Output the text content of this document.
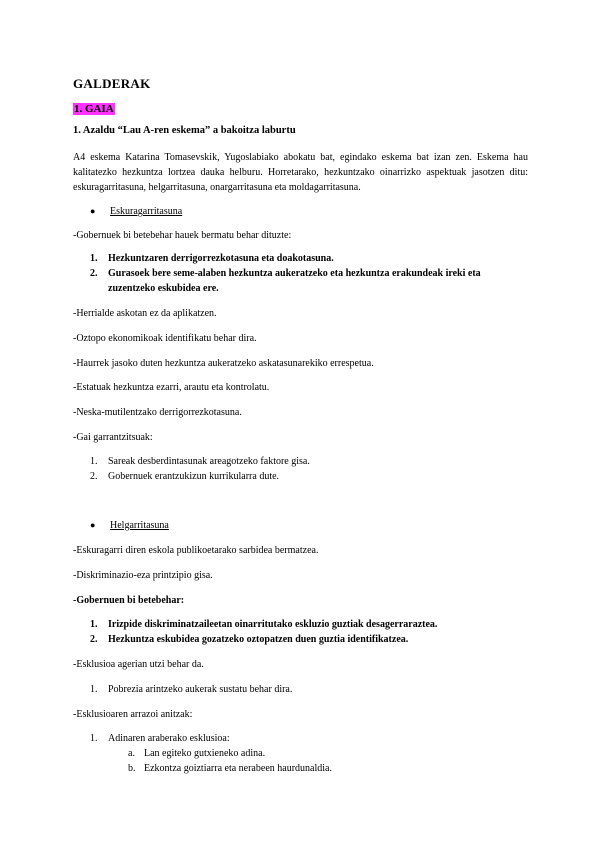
GALDERAK
1. GAIA
1. Azaldu “Lau A-ren eskema” a bakoitza laburtu
A4 eskema Katarina Tomasevskik, Yugoslabiako abokatu bat, egindako eskema bat izan zen. Eskema hau kalitatezko hezkuntza lortzea dauka helburu. Horretarako, hezkuntzako oinarrizko aspektuak jasotzen ditu: eskuragarritasuna, helgarritasuna, onargarritasuna eta moldagarritasuna.
● Eskuragarritasuna
-Gobernuek bi betebehar hauek bermatu behar dituzte:
1. Hezkuntzaren derrigorrezkotasuna eta doakotasuna.
2. Gurasoek bere seme-alaben hezkuntza aukeratzeko eta hezkuntza erakundeak ireki eta
zuzentzeko eskubidea ere.
-Herrialde askotan ez da aplikatzen.
-Oztopo ekonomikoak identifikatu behar dira.
-Haurrek jasoko duten hezkuntza aukeratzeko askatasunarekiko errespetua.
-Estatuak hezkuntza ezarri, arautu eta kontrolatu.
-Neska-mutilentzako derrigorrezkotasuna.
-Gai garrantzitsuak:
1. Sareak desberdintasunak areagotzeko faktore gisa.
2. Gobernuek erantzukizun kurrikularra dute.
● Helgarritasuna
-Eskuragarri diren eskola publikoetarako sarbidea bermatzea.
-Diskriminazio-eza printzipio gisa.
-Gobernuen bi betebehar:
1. Irizpide diskriminatzaileetan oinarritutako eskluzio guztiak desagerraraztea.
2. Hezkuntza eskubidea gozatzeko oztopatzen duen guztia identifikatzea.
-Esklusioa agerian utzi behar da.
1. Pobrezia arintzeko aukerak sustatu behar dira.
-Esklusioaren arrazoi anitzak:
1. Adinaren araberako esklusioa:
a. Lan egiteko gutxieneko adina.
b. Ezkontza goiztiarra eta nerabeen haurdunaldia.
